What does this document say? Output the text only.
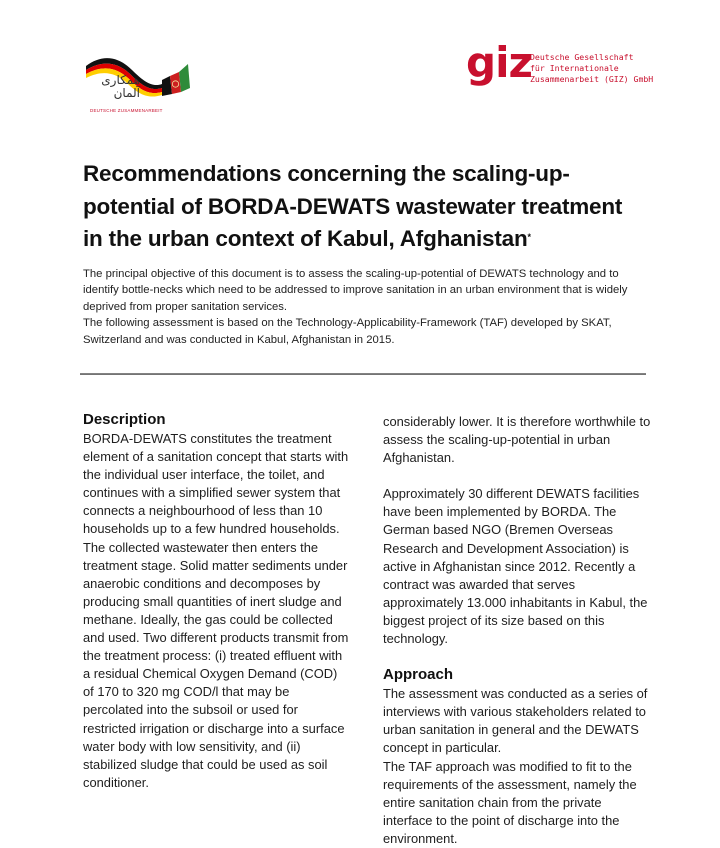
همکاری
آلمان
DEUTSCHE ZUSAMMENARBEIT
giz
Deutsche Gesellschaft
für Internationale
Zusammenarbeit (GIZ) GmbH
Recommendations concerning the scaling-up-
potential of BORDA-DEWATS wastewater treatment
in the urban context of Kabul, Afghanistan*

The principal objective of this document is to assess the scaling-up-potential of DEWATS technology and to identify bottle-necks which need to be addressed to improve sanitation in an urban environment that is widely deprived from proper sanitation services.

The following assessment is based on the Technology-Applicability-Framework (TAF) developed by SKAT, Switzerland and was conducted in Kabul, Afghanistan in 2015.

Description

BORDA-DEWATS constitutes the treatment element of a sanitation concept that starts with the individual user interface, the toilet, and continues with a simplified sewer system that connects a neighbourhood of less than 10 households up to a few hundred households. The collected wastewater then enters the treatment stage. Solid matter sediments under anaerobic conditions and decomposes by producing small quantities of inert sludge and methane. Ideally, the gas could be collected and used. Two different products transmit from the treatment process: (i) treated effluent with a residual Chemical Oxygen Demand (COD) of 170 to 320 mg COD/l that may be percolated into the subsoil or used for restricted irrigation or discharge into a surface water body with low sensitivity, and (ii) stabilized sludge that could be used as soil conditioner.

considerably lower. It is therefore worthwhile to assess the scaling-up-potential in urban Afghanistan.

Approximately 30 different DEWATS facilities have been implemented by BORDA. The German based NGO (Bremen Overseas Research and Development Association) is active in Afghanistan since 2012. Recently a contract was awarded that serves approximately 13.000 inhabitants in Kabul, the biggest project of its size based on this technology.

Approach

The assessment was conducted as a series of interviews with various stakeholders related to urban sanitation in general and the DEWATS concept in particular.

The TAF approach was modified to fit to the requirements of the assessment, namely the entire sanitation chain from the private interface to the point of discharge into the environment.
